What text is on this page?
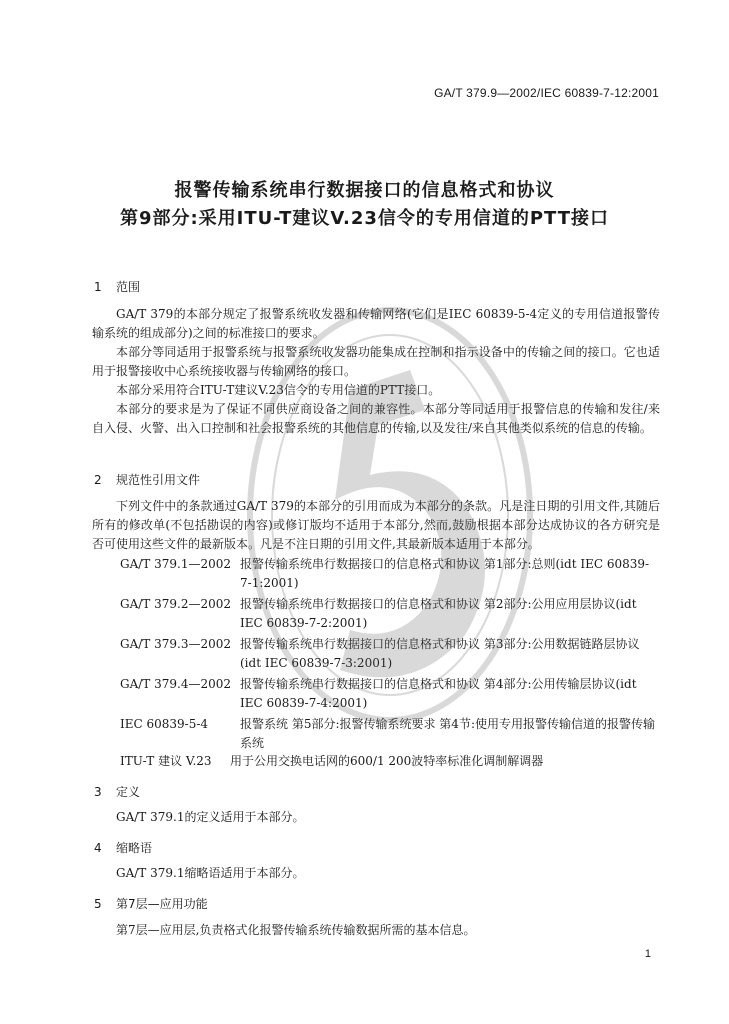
GA/T 379.9—2002/IEC 60839-7-12:2001
报警传输系统串行数据接口的信息格式和协议
第9部分:采用ITU-T建议V.23信令的专用信道的PTT接口
1 范围
GA/T 379的本部分规定了报警系统收发器和传输网络(它们是IEC 60839-5-4定义的专用信道报警传输系统的组成部分)之间的标准接口的要求。
本部分等同适用于报警系统与报警系统收发器功能集成在控制和指示设备中的传输之间的接口。它也适用于报警接收中心系统接收器与传输网络的接口。
本部分采用符合ITU-T建议V.23信令的专用信道的PTT接口。
本部分的要求是为了保证不同供应商设备之间的兼容性。本部分等同适用于报警信息的传输和发往/来自入侵、火警、出入口控制和社会报警系统的其他信息的传输,以及发往/来自其他类似系统的信息的传输。
2 规范性引用文件
下列文件中的条款通过GA/T 379的本部分的引用而成为本部分的条款。凡是注日期的引用文件,其随后所有的修改单(不包括勘误的内容)或修订版均不适用于本部分,然而,鼓励根据本部分达成协议的各方研究是否可使用这些文件的最新版本。凡是不注日期的引用文件,其最新版本适用于本部分。
GA/T 379.1—2002 报警传输系统串行数据接口的信息格式和协议 第1部分:总则(idt IEC 60839-7-1:2001)
GA/T 379.2—2002 报警传输系统串行数据接口的信息格式和协议 第2部分:公用应用层协议(idt IEC 60839-7-2:2001)
GA/T 379.3—2002 报警传输系统串行数据接口的信息格式和协议 第3部分:公用数据链路层协议(idt IEC 60839-7-3:2001)
GA/T 379.4—2002 报警传输系统串行数据接口的信息格式和协议 第4部分:公用传输层协议(idt IEC 60839-7-4:2001)
IEC 60839-5-4	报警系统 第5部分:报警传输系统要求 第4节:使用专用报警传输信道的报警传输系统
ITU-T 建议 V.23 用于公用交换电话网的600/1 200波特率标准化调制解调器
3 定义
GA/T 379.1的定义适用于本部分。
4 缩略语
GA/T 379.1缩略语适用于本部分。
5 第7层—应用功能
第7层—应用层,负责格式化报警传输系统传输数据所需的基本信息。
1
